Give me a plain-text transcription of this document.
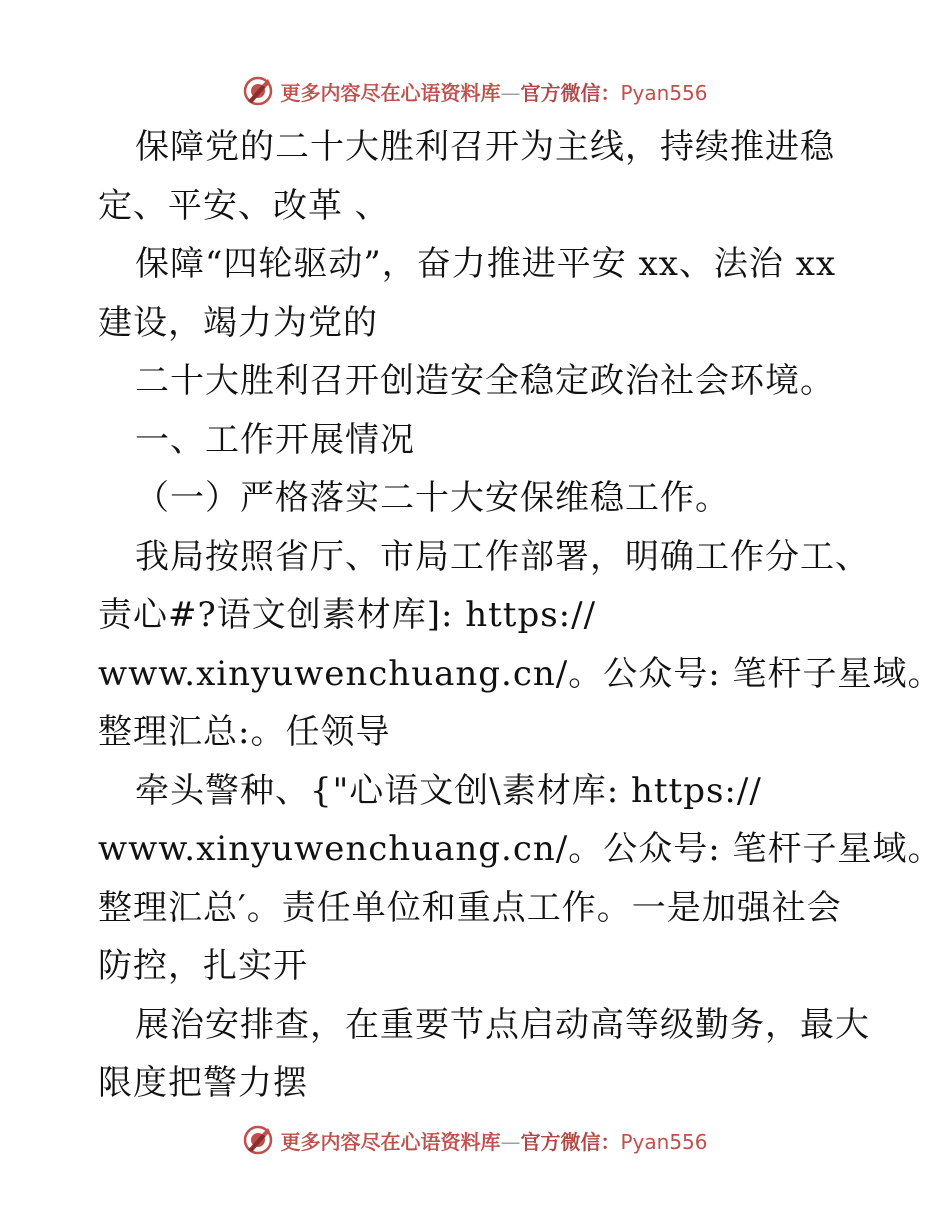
更多内容尽在心语资料库—官方微信：Pyan556
保障党的二十大胜利召开为主线，持续推进稳
定、平安、改革 、
保障“四轮驱动”，奋力推进平安 xx、法治 xx
建设，竭力为党的
二十大胜利召开创造安全稳定政治社会环境。
一、工作开展情况
（一）严格落实二十大安保维稳工作。
我局按照省厅、市局工作部署，明确工作分工、
责心#?语文创素材库]: https://
www.xinyuwenchuang.cn/。公众号: 笔杆子星域。
整理汇总:。任领导
牵头警种、{"心语文创\素材库: https://
www.xinyuwenchuang.cn/。公众号: 笔杆子星域。
整理汇总′。责任单位和重点工作。一是加强社会
防控，扎实开
展治安排查，在重要节点启动高等级勤务，最大
限度把警力摆
更多内容尽在心语资料库—官方微信：Pyan556
